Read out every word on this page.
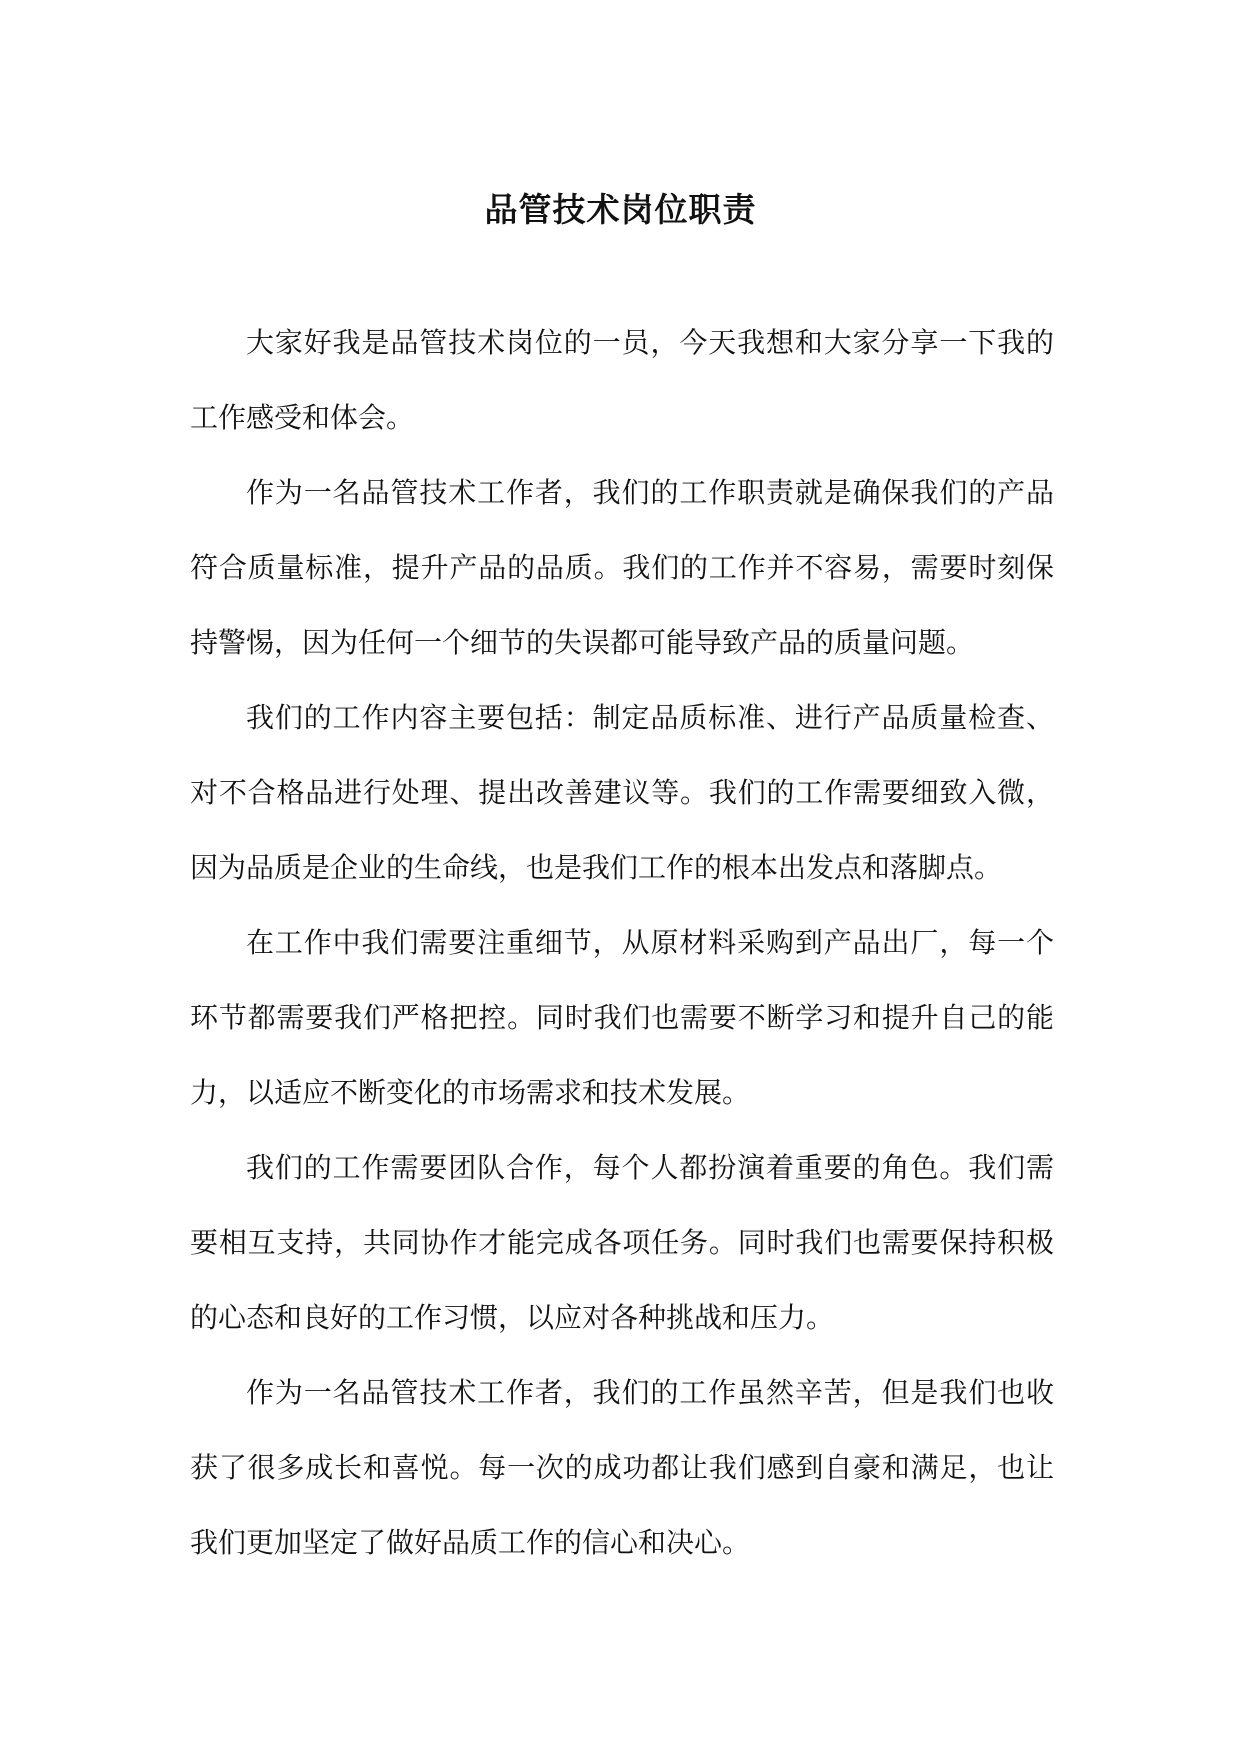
品管技术岗位职责

大家好我是品管技术岗位的一员，今天我想和大家分享一下我的工作感受和体会。

作为一名品管技术工作者，我们的工作职责就是确保我们的产品符合质量标准，提升产品的品质。我们的工作并不容易，需要时刻保持警惕，因为任何一个细节的失误都可能导致产品的质量问题。

我们的工作内容主要包括：制定品质标准、进行产品质量检查、对不合格品进行处理、提出改善建议等。我们的工作需要细致入微，因为品质是企业的生命线，也是我们工作的根本出发点和落脚点。

在工作中我们需要注重细节，从原材料采购到产品出厂，每一个环节都需要我们严格把控。同时我们也需要不断学习和提升自己的能力，以适应不断变化的市场需求和技术发展。

我们的工作需要团队合作，每个人都扮演着重要的角色。我们需要相互支持，共同协作才能完成各项任务。同时我们也需要保持积极的心态和良好的工作习惯，以应对各种挑战和压力。

作为一名品管技术工作者，我们的工作虽然辛苦，但是我们也收获了很多成长和喜悦。每一次的成功都让我们感到自豪和满足，也让我们更加坚定了做好品质工作的信心和决心。
